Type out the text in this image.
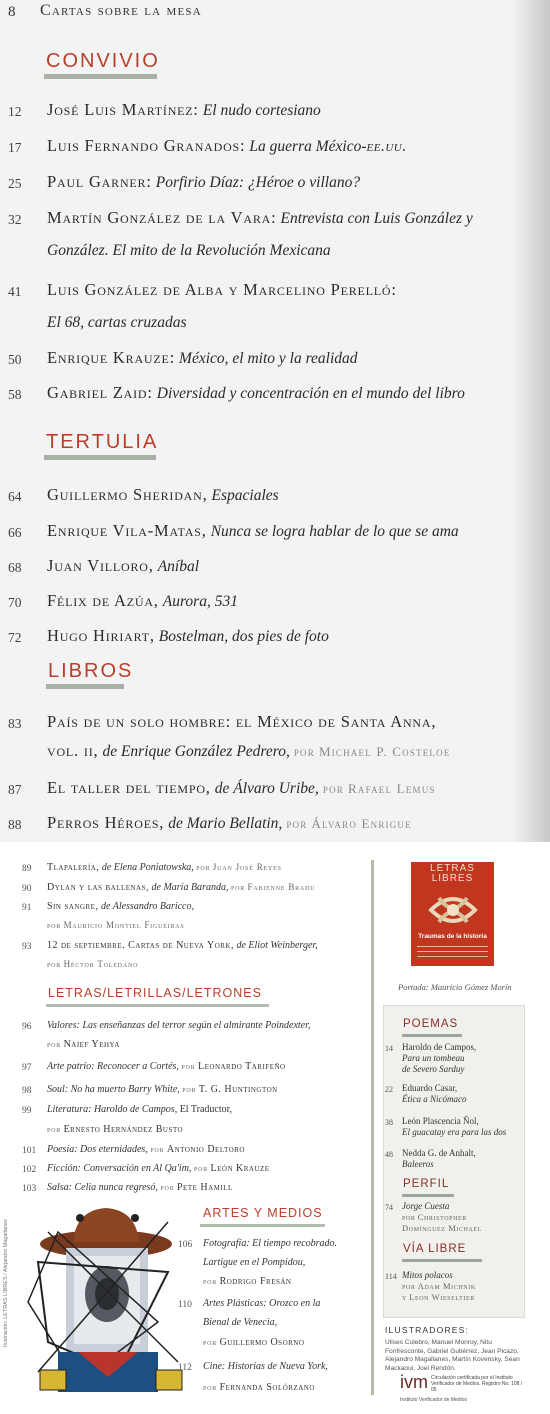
8 Cartas sobre la mesa
CONVIVIO
12 José Luis Martínez: El nudo cortesiano
17 Luis Fernando Granados: La guerra México-ee.uu.
25 Paul Garner: Porfirio Díaz: ¿Héroe o villano?
32 Martín González de la Vara: Entrevista con Luis González y
González. El mito de la Revolución Mexicana
41 Luis González de Alba y Marcelino Perelló:
El 68, cartas cruzadas
50 Enrique Krauze: México, el mito y la realidad
58 Gabriel Zaid: Diversidad y concentración en el mundo del libro
TERTULIA
64 Guillermo Sheridan, Espaciales
66 Enrique Vila-Matas, Nunca se logra hablar de lo que se ama
68 Juan Villoro, Aníbal
70 Félix de Azúa, Aurora, 531
72 Hugo Hiriart, Bostelman, dos pies de foto
LIBROS
83 País de un solo hombre: el México de Santa Anna,
vol. ii, de Enrique González Pedrero, por Michael P. Costeloe
87 El taller del tiempo, de Álvaro Uribe, por Rafael Lemus
88 Perros Héroes, de Mario Bellatin, por Álvaro Enrigue
89 Tlapalería, de Elena Poniatowska, por Juan José Reyes
90 Dylan y las ballenas, de María Baranda, por Fabienne Bradu
91 Sin sangre, de Alessandro Baricco,
por Mauricio Montiel Figueiras
93 12 de septiembre. Cartas de Nueva York, de Eliot Weinberger,
por Héctor Toledano
LETRAS/LETRILLAS/LETRONES
96 Valores: Las enseñanzas del terror según el almirante Poindexter,
por Naief Yehya
97 Arte patrio: Reconocer a Cortés, por Leonardo Tarifeño
98 Soul: No ha muerto Barry White, por T. G. Huntington
99 Literatura: Haroldo de Campos, El Traductor,
por Ernesto Hernández Busto
101 Poesía: Dos eternidades, por Antonio Deltoro
102 Ficción: Conversación en Al Qa'im, por León Krauze
103 Salsa: Celia nunca regresó, por Pete Hamill
Ilustración: LETRAS LIBRES / Alejandro Magallanes
ARTES Y MEDIOS
106 Fotografía: El tiempo recobrado.
Lartigue en el Pompidou,
por Rodrigo Fresán
110 Artes Plásticas: Orozco en la
Bienal de Venecia,
por Guillermo Osorno
112 Cine: Historias de Nueva York,
por Fernanda Solórzano
LETRAS
LIBRES
Traumas de la historia
Portada: Mauricio Gómez Morín
POEMAS
14 Haroldo de Campos,
Para un tombeau
de Severo Sarduy
22 Eduardo Casar,
Ética a Nicómaco
38 León Plascencia Ñol,
El guacatay era para las dos
48 Nedda G. de Anhalt,
Baleeros
PERFIL
74 Jorge Cuesta
por Christopher
Domínguez Michael
VÍA LIBRE
114 Mitos polacos
por Adam Michnik
y Leon Wieseltier
ILUSTRADORES:
Ulises Culebro, Manuel Monroy, Nitu Fonfresconte, Gabriel Gutiérrez, Jean Picazo, Alejandro Magallanes, Martín Kovensky, Sean Mackaoui, Joel Rendón.
ivm Circulación certificada por el Instituto Verificador de Medios. Registro No. 108 / 05
Instituto Verificador de Medios
